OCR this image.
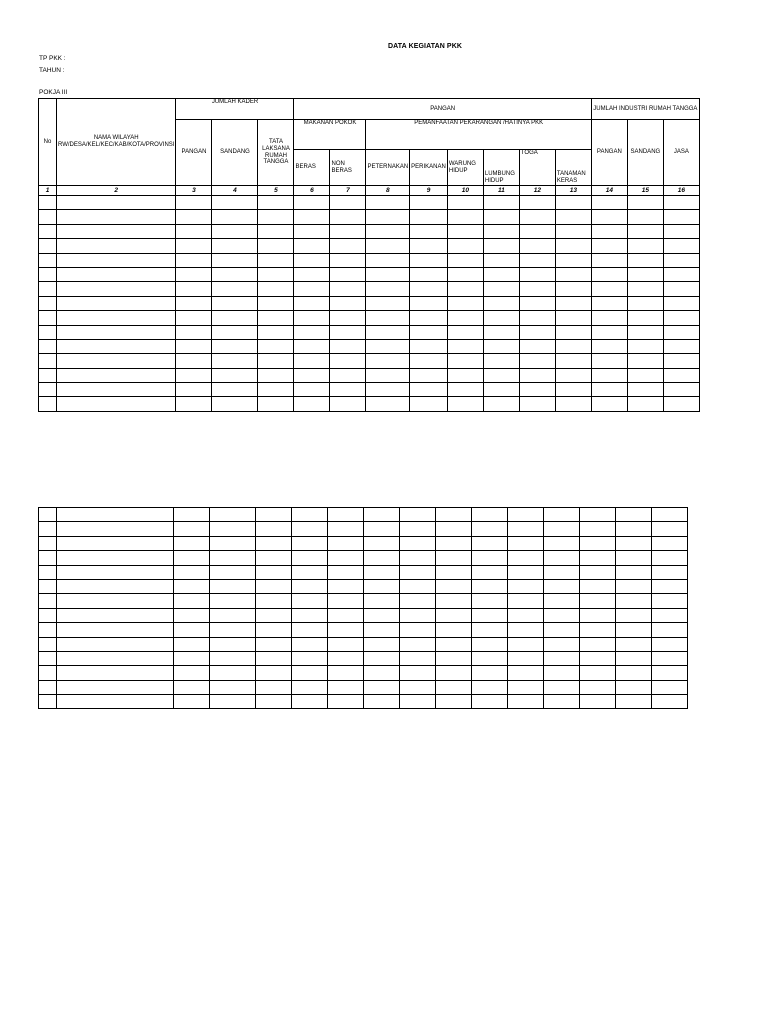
DATA KEGIATAN PKK
TP PKK :
TAHUN :
POKJA III
No	NAMA WILAYAH RW/DESA/KEL/KEC/KAB/KOTA/PROVINSI	JUMLAH KADER			PANGAN								JUMLAH INDUSTRI RUMAH TANGGA		
		PANGAN	SANDANG	TATA LAKSANA RUMAH TANGGA	MAKANAN POKOK		PEMANFAATAN PEKARANGAN /HATINYA PKK						PANGAN	SANDANG	JASA
					BERAS	NON BERAS	PETERNAKAN	PERIKANAN	WARUNG HIDUP	LUMBUNG HIDUP	TOGA	TANAMAN KERAS			
1	2	3	4	5	6	7	8	9	10	11	12	13	14	15	16
